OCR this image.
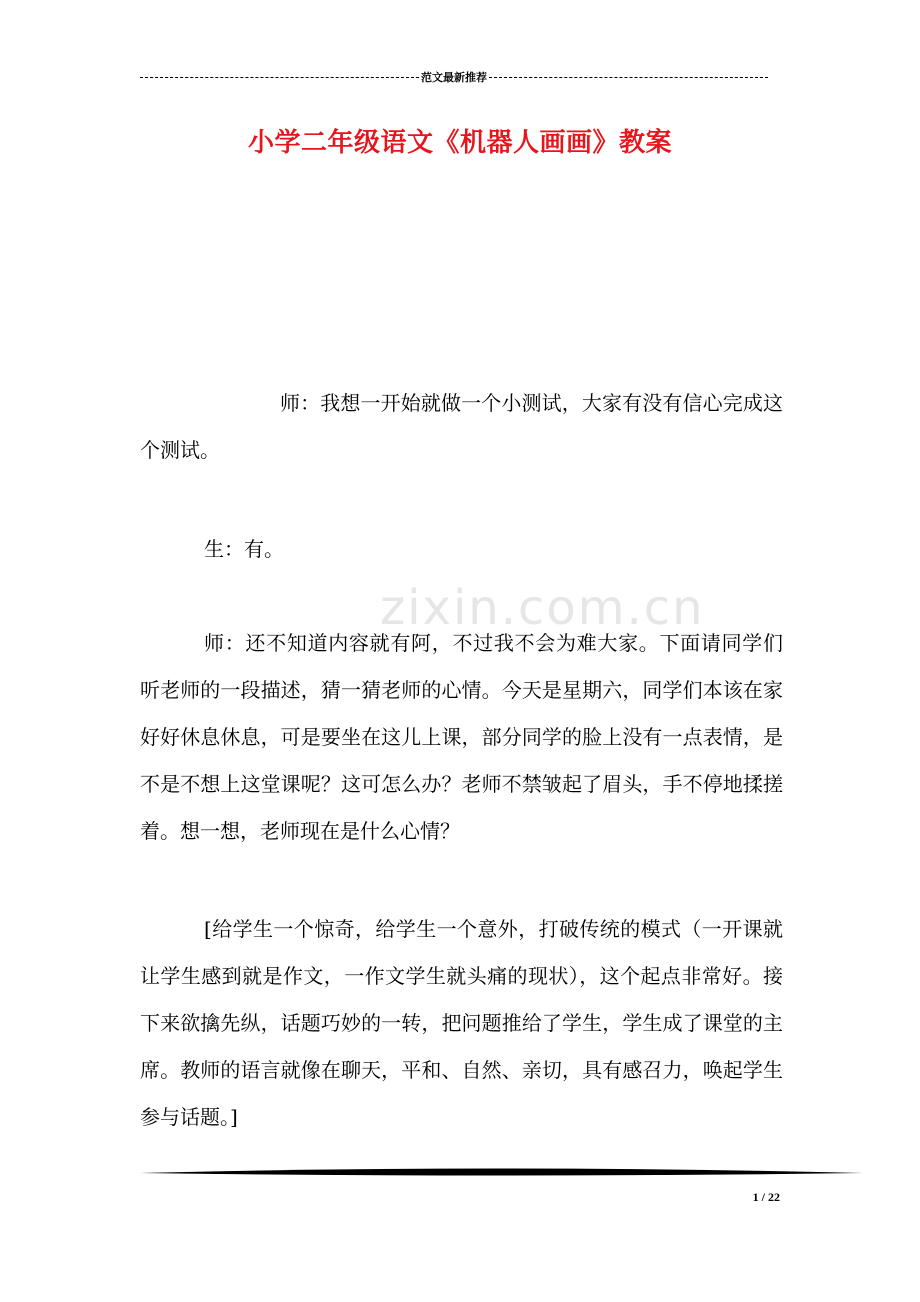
范文最新推荐
小学二年级语文《机器人画画》教案
zixin.com.cn
师：我想一开始就做一个小测试，大家有没有信心完成这个测试。
生：有。
师：还不知道内容就有阿，不过我不会为难大家。下面请同学们听老师的一段描述，猜一猜老师的心情。今天是星期六，同学们本该在家好好休息休息，可是要坐在这儿上课，部分同学的脸上没有一点表情，是不是不想上这堂课呢？这可怎么办？老师不禁皱起了眉头，手不停地揉搓着。想一想，老师现在是什么心情？
[给学生一个惊奇，给学生一个意外，打破传统的模式（一开课就让学生感到就是作文，一作文学生就头痛的现状），这个起点非常好。接下来欲擒先纵，话题巧妙的一转，把问题推给了学生，学生成了课堂的主席。教师的语言就像在聊天，平和、自然、亲切，具有感召力，唤起学生参与话题。]
1 / 22
